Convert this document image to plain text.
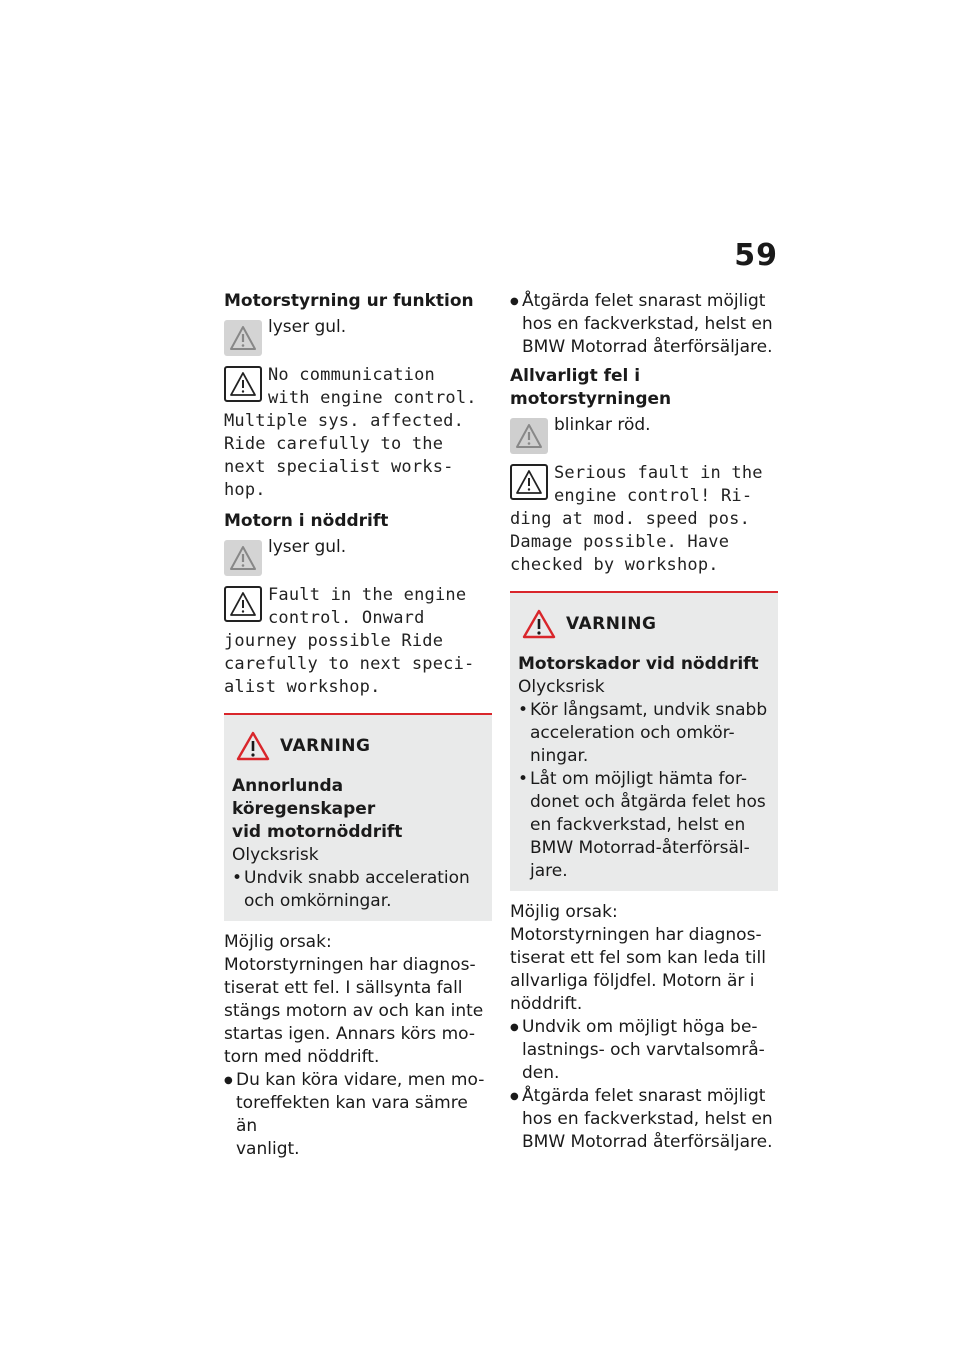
59

Motorstyrning ur funktion

lyser gul.

No communication

with engine control.

Multiple sys. affected.

Ride carefully to the

next specialist works-

hop.

Motorn i nöddrift

lyser gul.

Fault in the engine

control. Onward

journey possible Ride

carefully to next speci-

alist workshop.

VARNING

Annorlunda köregenskaper

vid motornöddrift

Olycksrisk

• Undvik snabb acceleration
och omkörningar.

Möjlig orsak:

Motorstyrningen har diagnos-

tiserat ett fel. I sällsynta fall

stängs motorn av och kan inte

startas igen. Annars körs mo-

torn med nöddrift.

● Du kan köra vidare, men mo-
toreffekten kan vara sämre än
vanligt.
● Åtgärda felet snarast möjligt
hos en fackverkstad, helst en
BMW Motorrad återförsäljare.

Allvarligt fel i motorstyrningen

blinkar röd.

Serious fault in the

engine control! Ri-

ding at mod. speed pos.

Damage possible. Have

checked by workshop.

VARNING

Motorskador vid nöddrift

Olycksrisk

• Kör långsamt, undvik snabb
acceleration och omkör-
ningar.
• Låt om möjligt hämta for-
donet och åtgärda felet hos
en fackverkstad, helst en
BMW Motorrad-återförsäl-
jare.

Möjlig orsak:

Motorstyrningen har diagnos-

tiserat ett fel som kan leda till

allvarliga följdfel. Motorn är i

nöddrift.

● Undvik om möjligt höga be-
lastnings- och varvtalsområ-
den.
● Åtgärda felet snarast möjligt
hos en fackverkstad, helst en
BMW Motorrad återförsäljare.
